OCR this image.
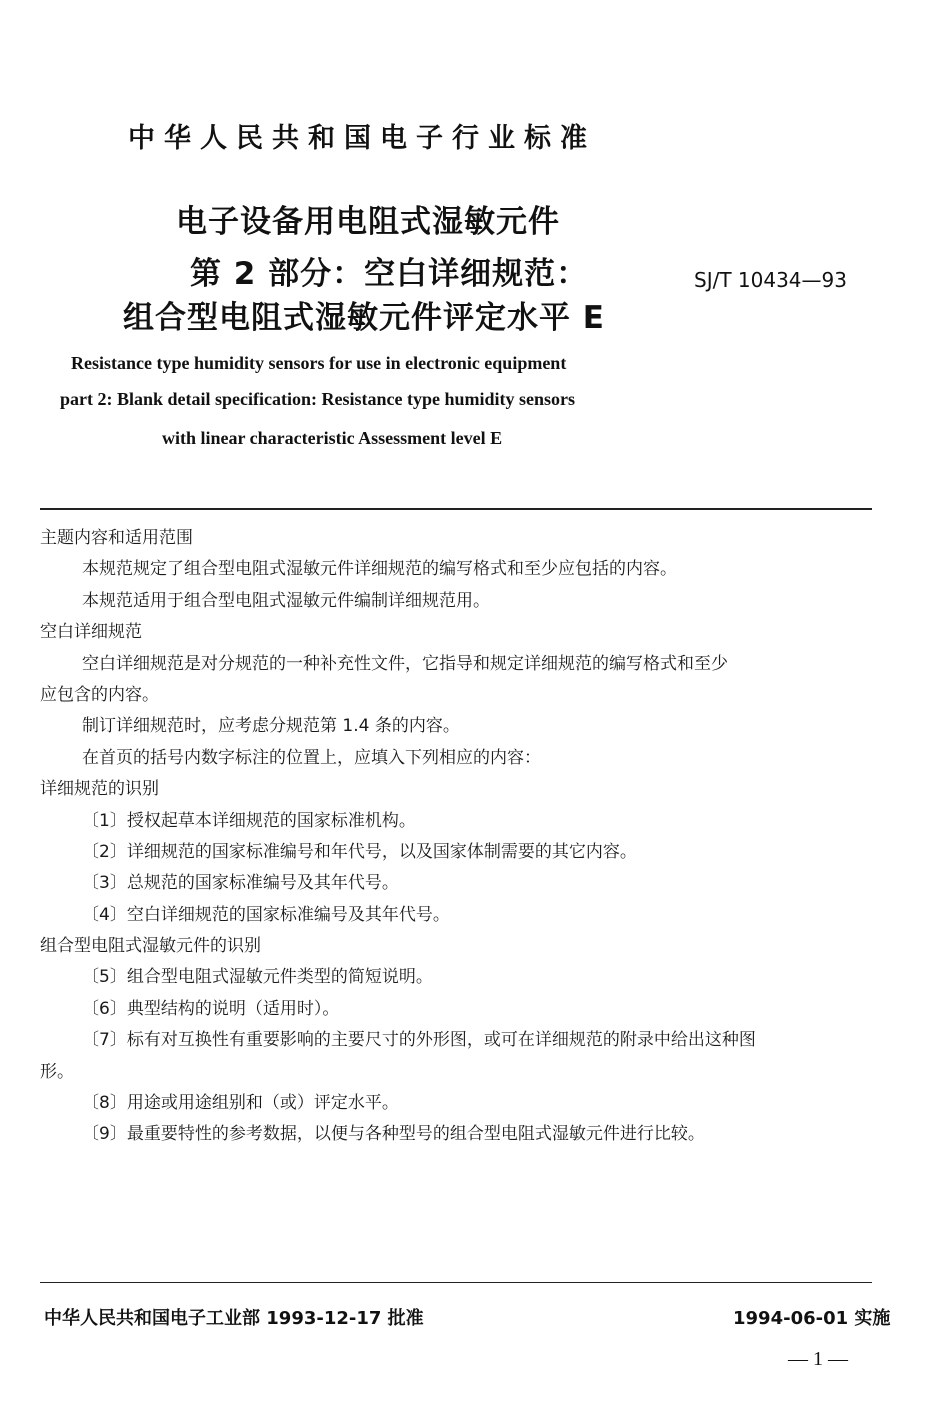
中华人民共和国电子行业标准
电子设备用电阻式湿敏元件
第 2 部分：空白详细规范：
组合型电阻式湿敏元件评定水平 E
SJ/T 10434—93
Resistance type humidity sensors for use in electronic equipment
part 2: Blank detail specification: Resistance type humidity sensors
with linear characteristic Assessment level E
主题内容和适用范围
本规范规定了组合型电阻式湿敏元件详细规范的编写格式和至少应包括的内容。
本规范适用于组合型电阻式湿敏元件编制详细规范用。
空白详细规范
空白详细规范是对分规范的一种补充性文件，它指导和规定详细规范的编写格式和至少
应包含的内容。
制订详细规范时，应考虑分规范第 1.4 条的内容。
在首页的括号内数字标注的位置上，应填入下列相应的内容：
详细规范的识别
〔1〕授权起草本详细规范的国家标准机构。
〔2〕详细规范的国家标准编号和年代号，以及国家体制需要的其它内容。
〔3〕总规范的国家标准编号及其年代号。
〔4〕空白详细规范的国家标准编号及其年代号。
组合型电阻式湿敏元件的识别
〔5〕组合型电阻式湿敏元件类型的简短说明。
〔6〕典型结构的说明（适用时）。
〔7〕标有对互换性有重要影响的主要尺寸的外形图，或可在详细规范的附录中给出这种图
形。
〔8〕用途或用途组别和（或）评定水平。
〔9〕最重要特性的参考数据，以便与各种型号的组合型电阻式湿敏元件进行比较。
中华人民共和国电子工业部 1993-12-17 批准	1994-06-01 实施
— 1 —
